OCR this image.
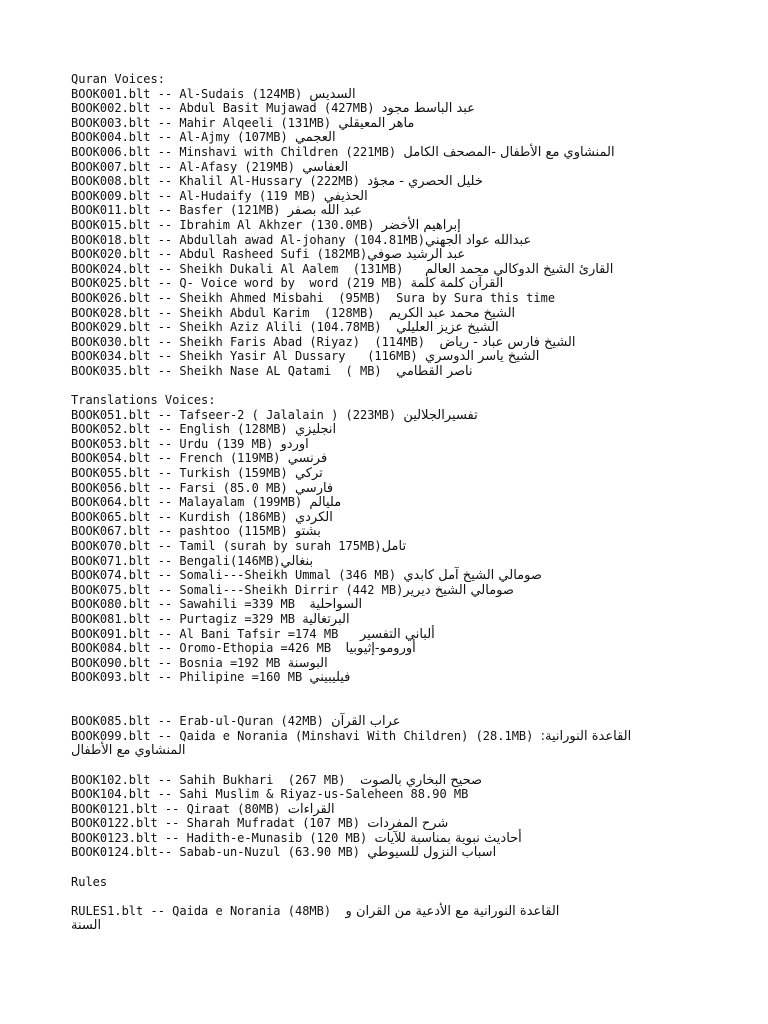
Quran Voices:
BOOK001.blt -- Al-Sudais (124MB) السديس
BOOK002.blt -- Abdul Basit Mujawad (427MB) عبد الباسط مجود
BOOK003.blt -- Mahir Alqeeli (131MB) ماهر المعيقلي
BOOK004.blt -- Al-Ajmy (107MB) العجمي
BOOK006.blt -- Minshavi with Children (221MB) المنشاوي مع الأطفال -المصحف الكامل
BOOK007.blt -- Al-Afasy (219MB) العفاسي
BOOK008.blt -- Khalil Al-Hussary (222MB) خليل الحصري - مجؤد
BOOK009.blt -- Al-Hudaify (119 MB) الحذيفي
BOOK011.blt -- Basfer (121MB) عبد الله بصفر
BOOK015.blt -- Ibrahim Al Akhzer (130.0MB) إبراهيم الأخضر
BOOK018.blt -- Abdullah awad Al-johany (104.81MB)عبدالله عواد الجهني
BOOK020.blt -- Abdul Rasheed Sufi (182MB)عبد الرشيد صوفي
BOOK024.blt -- Sheikh Dukali Al Aalem  (131MB)   القارئ الشيخ الدوكالي محمد العالم
BOOK025.blt -- Q- Voice word by  word (219 MB) القرآن كلمة كلمة
BOOK026.blt -- Sheikh Ahmed Misbahi  (95MB)  Sura by Sura this time
BOOK028.blt -- Sheikh Abdul Karim  (128MB)  الشيخ محمد عبد الكريم
BOOK029.blt -- Sheikh Aziz Alili (104.78MB)  الشيخ عزيز العليلي
BOOK030.blt -- Sheikh Faris Abad (Riyaz)  (114MB)  الشيخ فارس عباد - رياض
BOOK034.blt -- Sheikh Yasir Al Dussary   (116MB) الشيخ ياسر الدوسري
BOOK035.blt -- Sheikh Nase AL Qatami  ( MB)  ناصر القطامي
Translations Voices:
BOOK051.blt -- Tafseer-2 ( Jalalain ) (223MB) تفسيرالجلالين
BOOK052.blt -- English (128MB) انجليزي
BOOK053.blt -- Urdu (139 MB) اوردو
BOOK054.blt -- French (119MB) فرنسي
BOOK055.blt -- Turkish (159MB) تركي
BOOK056.blt -- Farsi (85.0 MB) فارسي
BOOK064.blt -- Malayalam (199MB) مليالم
BOOK065.blt -- Kurdish (186MB) الكردي
BOOK067.blt -- pashtoo (115MB) بشتو
BOOK070.blt -- Tamil (surah by surah 175MB)تامل
BOOK071.blt -- Bengali(146MB)بنغالي
BOOK074.blt -- Somali---Sheikh Ummal (346 MB) صومالي الشيخ آمل كابدي
BOOK075.blt -- Somali---Sheikh Dirrir (442 MB)صومالي الشيخ ديرير
BOOK080.blt -- Sawahili =339 MB  السواحلية
BOOK081.blt -- Purtagiz =329 MB البرتغالية
BOOK091.blt -- Al Bani Tafsir =174 MB   ألباني التفسير
BOOK084.blt -- Oromo-Ethopia =426 MB  أورومو-إثيوبيا
BOOK090.blt -- Bosnia =192 MB البوسنة
BOOK093.blt -- Philipine =160 MB فيليبيني
BOOK085.blt -- Erab-ul-Quran (42MB) عراب القرآن
BOOK099.blt -- Qaida e Norania (Minshavi With Children) (28.1MB) القاعدة النورانية:
المنشاوي مع الأطفال
BOOK102.blt -- Sahih Bukhari  (267 MB)  صحيح البخاري بالصوت
BOOK104.blt -- Sahi Muslim & Riyaz-us-Saleheen 88.90 MB
BOOK0121.blt -- Qiraat (80MB) القراءات
BOOK0122.blt -- Sharah Mufradat (107 MB) شرح المفردات
BOOK0123.blt -- Hadith-e-Munasib (120 MB) أحاديث نبوية بمناسبة للآيات
BOOK0124.blt-- Sabab-un-Nuzul (63.90 MB) اسباب النزول للسيوطي
Rules
RULES1.blt -- Qaida e Norania (48MB)  القاعدة النورانية مع الأدعية من القران و
السنة
